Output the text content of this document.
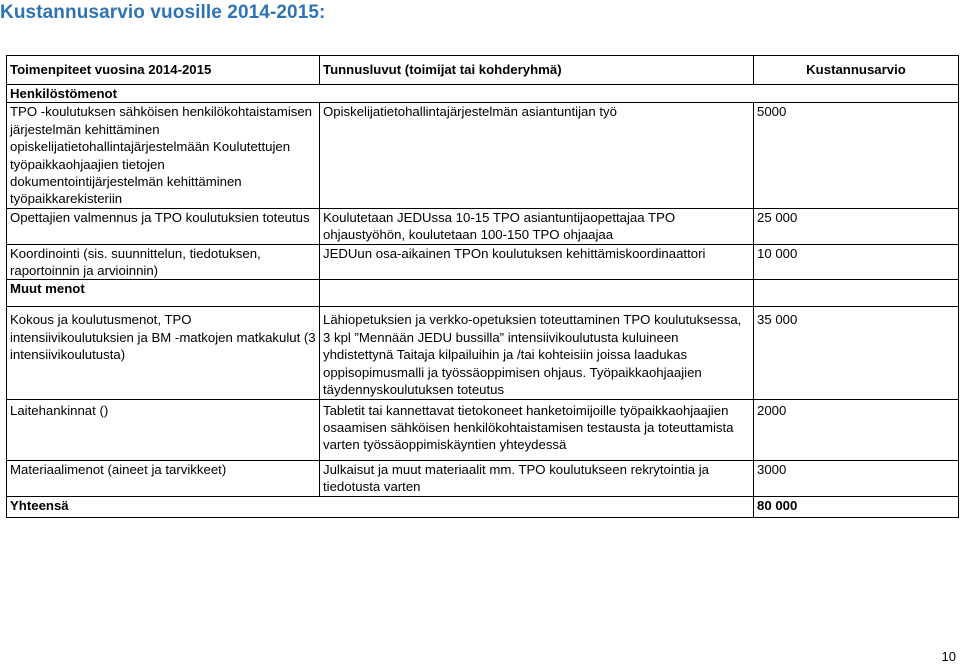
Kustannusarvio vuosille 2014-2015:
Toimenpiteet vuosina 2014-2015	Tunnusluvut (toimijat tai kohderyhmä)	Kustannusarvio
Henkilöstömenot		
TPO -koulutuksen sähköisen henkilökohtaistamisen järjestelmän kehittäminen opiskelijatietohallintajärjestelmään Koulutettujen työpaikkaohjaajien tietojen dokumentointijärjestelmän kehittäminen työpaikkarekisteriin	Opiskelijatietohallintajärjestelmän asiantuntijan työ	5000
Opettajien valmennus ja TPO koulutuksien toteutus	Koulutetaan JEDUssa 10-15 TPO asiantuntijaopettajaa TPO ohjaustyöhön, koulutetaan 100-150 TPO ohjaajaa	25 000
Koordinointi (sis. suunnittelun, tiedotuksen, raportoinnin ja arvioinnin)	JEDUun osa-aikainen TPOn koulutuksen kehittämiskoordinaattori	10 000
Muut menot		
Kokous ja koulutusmenot, TPO intensiivikoulutuksien ja BM -matkojen matkakulut (3 intensiivikoulutusta)	Lähiopetuksien ja verkko-opetuksien toteuttaminen TPO koulutuksessa, 3 kpl ”Mennään JEDU bussilla” intensiivikoulutusta kuluineen yhdistettynä Taitaja kilpailuihin ja /tai kohteisiin joissa laadukas oppisopimusmalli ja työssäoppimisen ohjaus. Työpaikkaohjaajien täydennyskoulutuksen toteutus	35 000
Laitehankinnat ()	Tabletit tai kannettavat tietokoneet hanketoimijoille työpaikkaohjaajien osaamisen sähköisen henkilökohtaistamisen testausta ja toteuttamista varten työssäoppimiskäyntien yhteydessä	2000
Materiaalimenot (aineet ja tarvikkeet)	Julkaisut ja muut materiaalit mm. TPO koulutukseen rekrytointia ja tiedotusta varten	3000
Yhteensä		80 000
10
